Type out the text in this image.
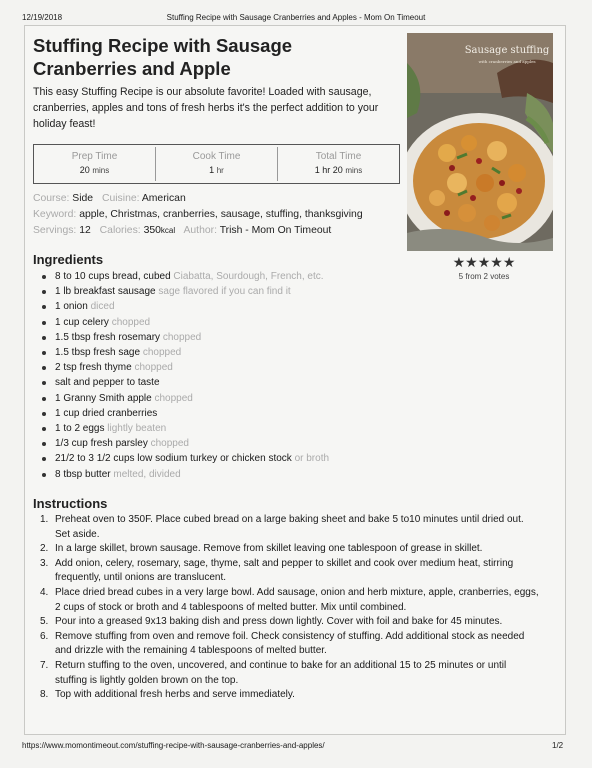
12/19/2018	Stuffing Recipe with Sausage Cranberries and Apples - Mom On Timeout
Stuffing Recipe with Sausage Cranberries and Apple
This easy Stuffing Recipe is our absolute favorite! Loaded with sausage, cranberries, apples and tons of fresh herbs it's the perfect addition to your holiday feast!
Prep Time
20 mins
Cook Time
1 hr
Total Time
1 hr 20 mins
Course: Side Cuisine: American
Keyword: apple, Christmas, cranberries, sausage, stuffing, thanksgiving
Servings: 12 Calories: 350kcal Author: Trish - Mom On Timeout
Sausage stuffing
with cranberries and apples
★★★★★
5 from 2 votes
Ingredients
8 to 10 cups bread, cubed Ciabatta, Sourdough, French, etc.
1 lb breakfast sausage sage flavored if you can find it
1 onion diced
1 cup celery chopped
1.5 tbsp fresh rosemary chopped
1.5 tbsp fresh sage chopped
2 tsp fresh thyme chopped
salt and pepper to taste
1 Granny Smith apple chopped
1 cup dried cranberries
1 to 2 eggs lightly beaten
1/3 cup fresh parsley chopped
21/2 to 3 1/2 cups low sodium turkey or chicken stock or broth
8 tbsp butter melted, divided
Instructions
1. Preheat oven to 350F. Place cubed bread on a large baking sheet and bake 5 to10 minutes until dried out. Set aside.
2. In a large skillet, brown sausage. Remove from skillet leaving one tablespoon of grease in skillet.
3. Add onion, celery, rosemary, sage, thyme, salt and pepper to skillet and cook over medium heat, stirring frequently, until onions are translucent.
4. Place dried bread cubes in a very large bowl. Add sausage, onion and herb mixture, apple, cranberries, eggs, 2 cups of stock or broth and 4 tablespoons of melted butter. Mix until combined.
5. Pour into a greased 9x13 baking dish and press down lightly. Cover with foil and bake for 45 minutes.
6. Remove stuffing from oven and remove foil. Check consistency of stuffing. Add additional stock as needed and drizzle with the remaining 4 tablespoons of melted butter.
7. Return stuffing to the oven, uncovered, and continue to bake for an additional 15 to 25 minutes or until stuffing is lightly golden brown on the top.
8. Top with additional fresh herbs and serve immediately.
https://www.momontimeout.com/stuffing-recipe-with-sausage-cranberries-and-apples/	1/2
